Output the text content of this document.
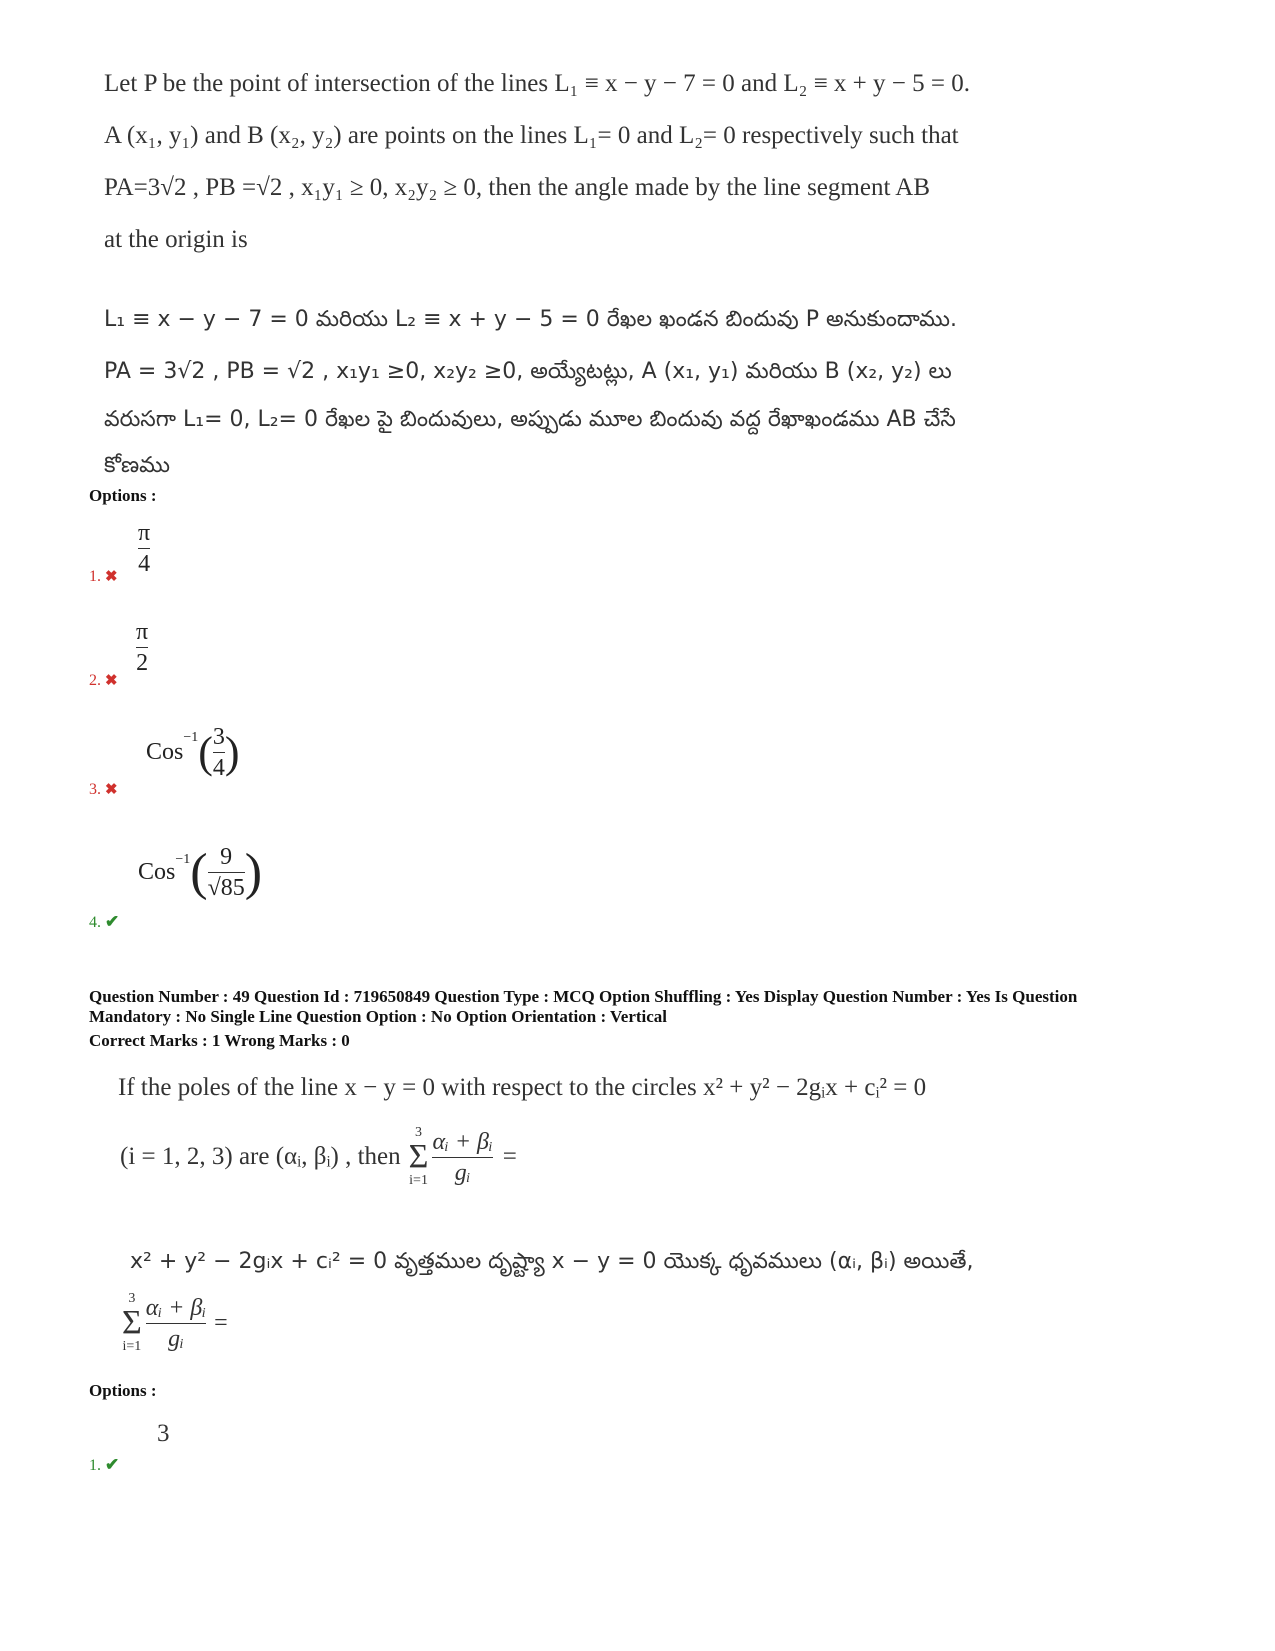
Let P be the point of intersection of the lines L₁ ≡ x − y − 7 = 0 and L₂ ≡ x + y − 5 = 0.
A (x₁, y₁) and B (x₂, y₂) are points on the lines L₁= 0 and L₂= 0 respectively such that
PA=3√2 , PB =√2 , x₁y₁ ≥ 0, x₂y₂ ≥ 0, then the angle made by the line segment AB
at the origin is
L₁ ≡ x − y − 7 = 0 మరియు L₂ ≡ x + y − 5 = 0 రేఖల ఖండన బిందువు P అనుకుందాము.
PA = 3√2 , PB = √2 , x₁y₁ ≥0, x₂y₂ ≥0, అయ్యేటట్లు, A (x₁, y₁) మరియు B (x₂, y₂) లు
వరుసగా L₁= 0, L₂= 0 రేఖల పై బిందువులు, అప్పుడు మూల బిందువు వద్ద రేఖాఖండము AB చేసే
కోణము
Options :
π
4
1. ✖
π
2
2. ✖
Cos
$^{-1}$ ( $\frac{3}{4}$ )
3. ✖
Cos$^{-1}$ ( $\frac{9}{√85}$ )
4. ✔
Question Number : 49 Question Id : 719650849 Question Type : MCQ Option Shuffling : Yes Display Question Number : Yes Is Question
Mandatory : No Single Line Question Option : No Option Orientation : Vertical
Correct Marks : 1 Wrong Marks : 0
If the poles of the line x − y = 0 with respect to the circles x² + y² − 2gᵢx + cᵢ² = 0
(i = 1, 2, 3) are (αᵢ, βᵢ) , then
3
Σ
$i=1 \frac{\text{αᵢ + βᵢ}}{\text{gᵢ}}$ =
x² + y² − 2gᵢx + cᵢ² = 0 వృత్తముల దృష్ట్యా x − y = 0 యొక్క ధృవములు (αᵢ, βᵢ) అయితే,
3
Σ
$i=1 \frac{\text{αᵢ + βᵢ}}{\text{gᵢ}}$ =
Options :
3
1. ✔
